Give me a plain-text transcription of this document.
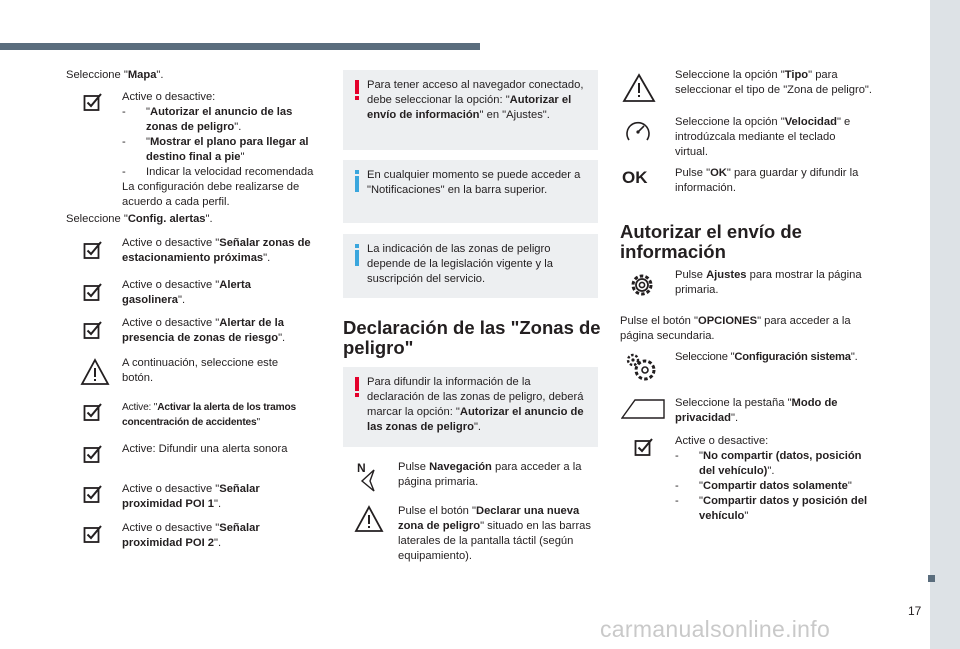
17
Seleccione "Mapa".
Active o desactive:
- "Autorizar el anuncio de las zonas de peligro".
- "Mostrar el plano para llegar al destino final a pie"
- Indicar la velocidad recomendada
La configuración debe realizarse de acuerdo a cada perfil.
Seleccione "Config. alertas".
Active o desactive "Señalar zonas de estacionamiento próximas".
Active o desactive "Alerta gasolinera".
Active o desactive "Alertar de la presencia de zonas de riesgo".
A continuación, seleccione este botón.
Active: "Activar la alerta de los tramos concentración de accidentes"
Active: Difundir una alerta sonora
Active o desactive "Señalar proximidad POI 1".
Active o desactive "Señalar proximidad POI 2".
Para tener acceso al navegador conectado, debe seleccionar la opción: "Autorizar el envío de información" en "Ajustes".
En cualquier momento se puede acceder a "Notificaciones" en la barra superior.
La indicación de las zonas de peligro depende de la legislación vigente y la suscripción del servicio.
Declaración de las "Zonas de peligro"
Para difundir la información de la declaración de las zonas de peligro, deberá marcar la opción: "Autorizar el anuncio de las zonas de peligro".
N	Pulse Navegación para acceder a la página primaria.
Pulse el botón "Declarar una nueva zona de peligro" situado en las barras laterales de la pantalla táctil (según equipamiento).
Seleccione la opción "Tipo" para seleccionar el tipo de "Zona de peligro".
Seleccione la opción "Velocidad" e introdúzcala mediante el teclado virtual.
OK Pulse "OK" para guardar y difundir la información.
Autorizar el envío de información
Pulse Ajustes para mostrar la página primaria.
Pulse el botón "OPCIONES" para acceder a la página secundaria.
Seleccione "Configuración sistema".
Seleccione la pestaña "Modo de privacidad".
Active o desactive:
- "No compartir (datos, posición del vehículo)".
- "Compartir datos solamente"
- "Compartir datos y posición del vehículo"
carmanualsonline.info
